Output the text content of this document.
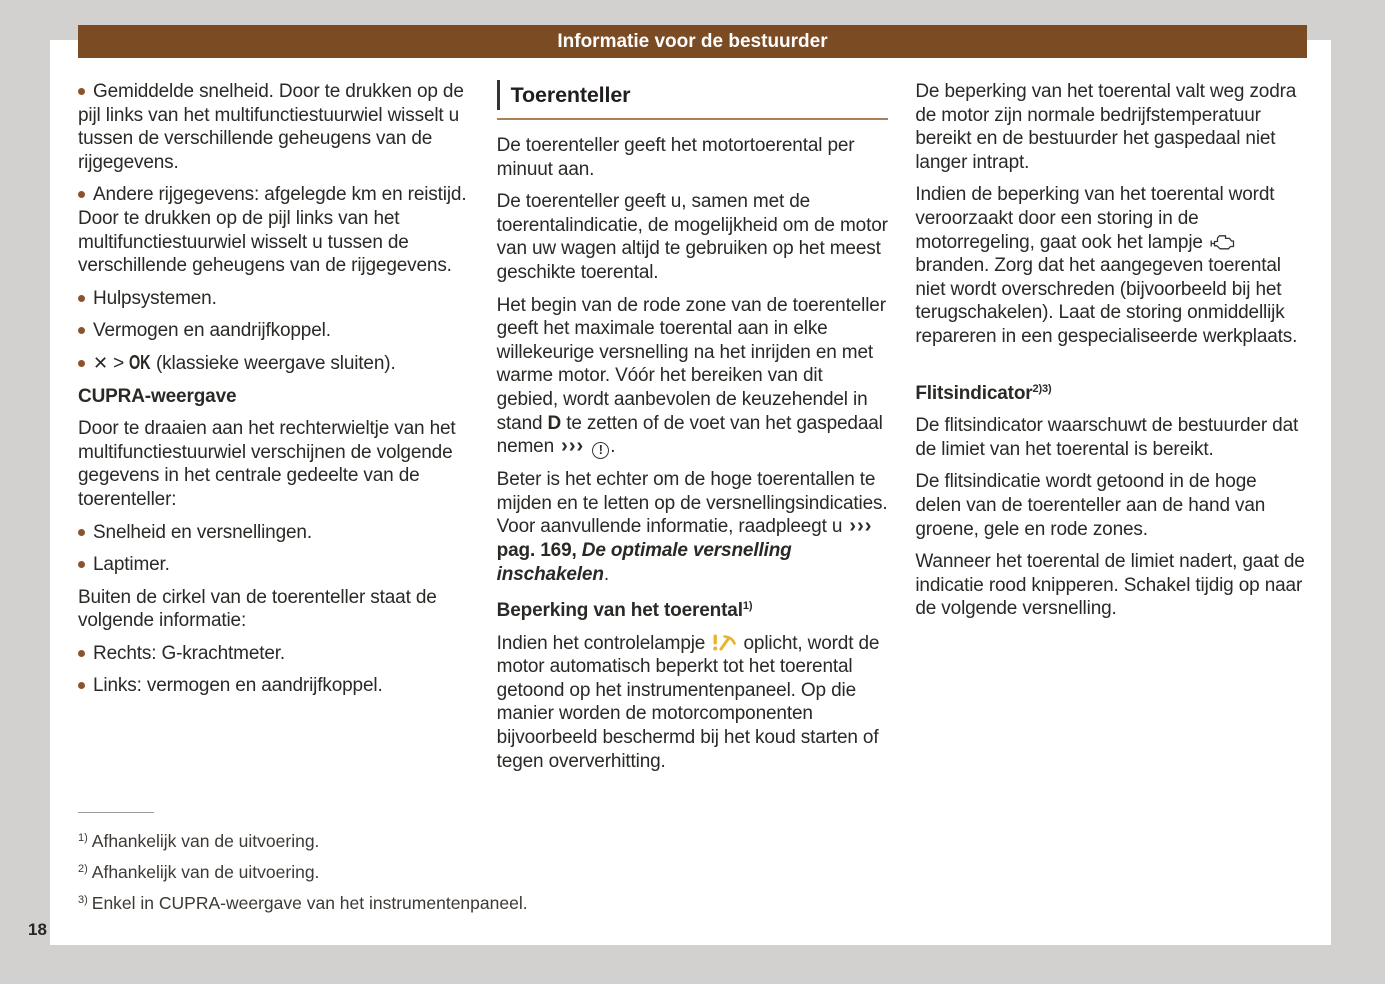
Informatie voor de bestuurder

Gemiddelde snelheid. Door te drukken op de pijl links van het multifunctiestuurwiel wisselt u tussen de verschillende geheugens van de rijgegevens.

Andere rijgegevens: afgelegde km en reistijd. Door te drukken op de pijl links van het multifunctiestuurwiel wisselt u tussen de verschillende geheugens van de rijgegevens.

Hulpsystemen.

Vermogen en aandrijfkoppel.

✕ > OK (klassieke weergave sluiten).

CUPRA-weergave

Door te draaien aan het rechterwieltje van het multifunctiestuurwiel verschijnen de volgende gegevens in het centrale gedeelte van de toerenteller:

Snelheid en versnellingen.

Laptimer.

Buiten de cirkel van de toerenteller staat de volgende informatie:

Rechts: G-krachtmeter.

Links: vermogen en aandrijfkoppel.

Toerenteller

De toerenteller geeft het motortoerental per minuut aan.

De toerenteller geeft u, samen met de toerentalindicatie, de mogelijkheid om de motor van uw wagen altijd te gebruiken op het meest geschikte toerental.

Het begin van de rode zone van de toerenteller geeft het maximale toerental aan in elke willekeurige versnelling na het inrijden en met warme motor. Vóór het bereiken van dit gebied, wordt aanbevolen de keuzehendel in stand D te zetten of de voet van het gaspedaal nemen ››› ! .

Beter is het echter om de hoge toerentallen te mijden en te letten op de versnellingsindicaties. Voor aanvullende informatie, raadpleegt u ››› pag. 169, De optimale versnelling inschakelen.

Beperking van het toerental$^{1)}$

Indien het controlelampje  oplicht, wordt de motor automatisch beperkt tot het toerental getoond op het instrumentenpaneel. Op die manier worden de motorcomponenten bijvoorbeeld beschermd bij het koud starten of tegen oververhitting.

De beperking van het toerental valt weg zodra de motor zijn normale bedrijfstemperatuur bereikt en de bestuurder het gaspedaal niet langer intrapt.

Indien de beperking van het toerental wordt veroorzaakt door een storing in de motorregeling, gaat ook het lampje  branden. Zorg dat het aangegeven toerental niet wordt overschreden (bijvoorbeeld bij het terugschakelen). Laat de storing onmiddellijk repareren in een gespecialiseerde werkplaats.

Flitsindicator$^{2)3)}$

De flitsindicator waarschuwt de bestuurder dat de limiet van het toerental is bereikt.

De flitsindicatie wordt getoond in de hoge delen van de toerenteller aan de hand van groene, gele en rode zones.

Wanneer het toerental de limiet nadert, gaat de indicatie rood knipperen. Schakel tijdig op naar de volgende versnelling.

$^{1)}$ Afhankelijk van de uitvoering.
$^{2)}$ Afhankelijk van de uitvoering.
$^{3)}$ Enkel in CUPRA-weergave van het instrumentenpaneel.
18
